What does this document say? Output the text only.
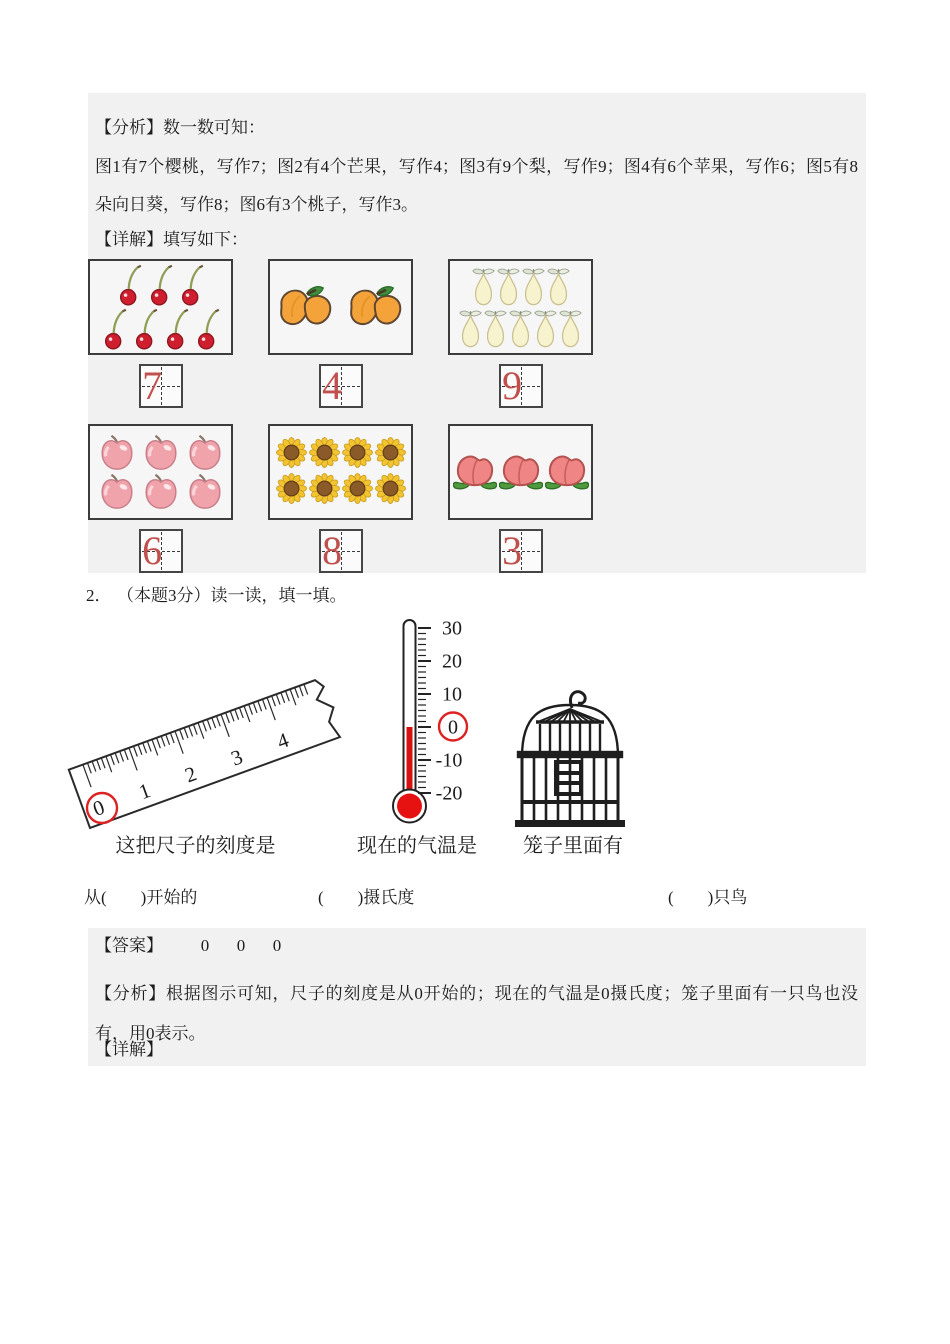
【分析】数一数可知：
图1有7个樱桃，写作7；图2有4个芒果，写作4；图3有9个梨，写作9；图4有6个苹果，写作6；图5有8朵向日葵，写作8；图6有3个桃子，写作3。
【详解】填写如下：
7	4	9
6	8	3
2． （本题3分）读一读，填一填。
0
1
2
3
4
30
20
10
0
-10
-20
这把尺子的刻度是	现在的气温是	笼子里面有
从(　　)开始的	(　　)摄氏度	(　　)只鸟
【答案】 0 0 0
【分析】根据图示可知，尺子的刻度是从0开始的；现在的气温是0摄氏度；笼子里面有一只鸟也没有，用0表示。
【详解】
